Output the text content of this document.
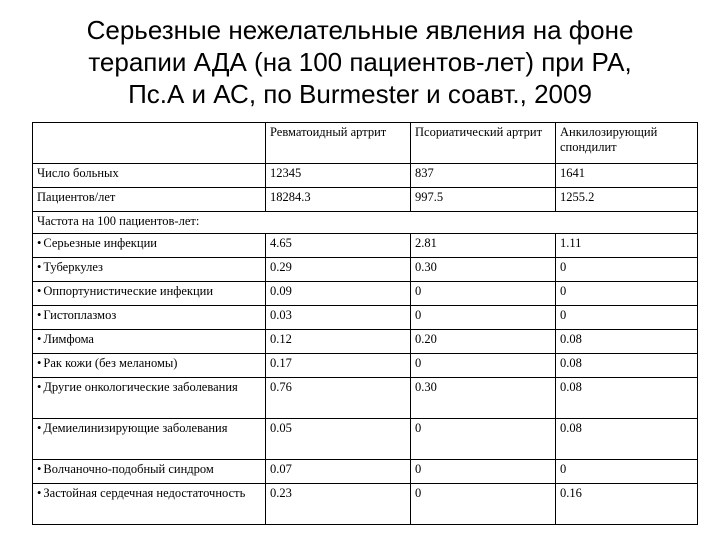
Серьезные нежелательные явления на фоне
терапии АДА (на 100 пациентов-лет) при РА,
Пс.А и АС, по Burmester и соавт., 2009
	Ревматоидный артрит	Псориатический артрит	Анкилозирующий спондилит
Число больных	12345	837	1641
Пациентов/лет	18284.3	997.5	1255.2
Частота на 100 пациентов-лет:			
• Серьезные инфекции	4.65	2.81	1.11
• Туберкулез	0.29	0.30	0
• Оппортунистические инфекции	0.09	0	0
• Гистоплазмоз	0.03	0	0
• Лимфома	0.12	0.20	0.08
• Рак кожи (без меланомы)	0.17	0	0.08
• Другие онкологические заболевания	0.76	0.30	0.08
• Демиелинизирующие заболевания	0.05	0	0.08
• Волчаночно-подобный синдром	0.07	0	0
• Застойная сердечная недостаточность	0.23	0	0.16
